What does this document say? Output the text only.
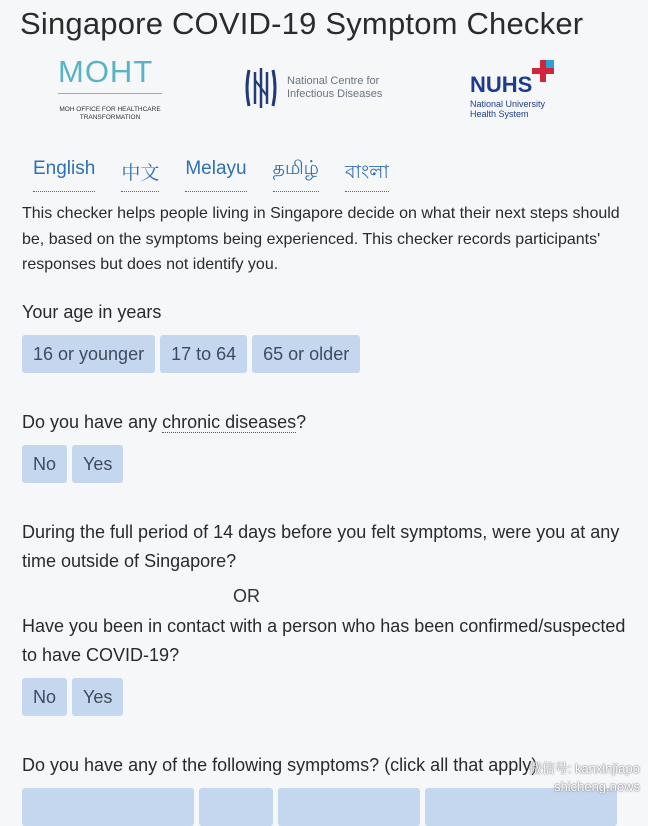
Singapore COVID-19 Symptom Checker
MOHT
MOH OFFICE FOR HEALTHCARE TRANSFORMATION
National Centre for
Infectious Diseases	NUHS
National University
Health System
English 中文 Melayu தமிழ் বাংলা
This checker helps people living in Singapore decide on what their next steps should be, based on the symptoms being experienced. This checker records participants' responses but does not identify you.
Your age in years
16 or younger	17 to 64	65 or older
Do you have any chronic diseases?
No	Yes
During the full period of 14 days before you felt symptoms, were you at any time outside of Singapore?
OR
Have you been in contact with a person who has been confirmed/suspected to have COVID-19?
No	Yes
Do you have any of the following symptoms? (click all that apply)
微信号: kanxinjiapo
shicheng.news
